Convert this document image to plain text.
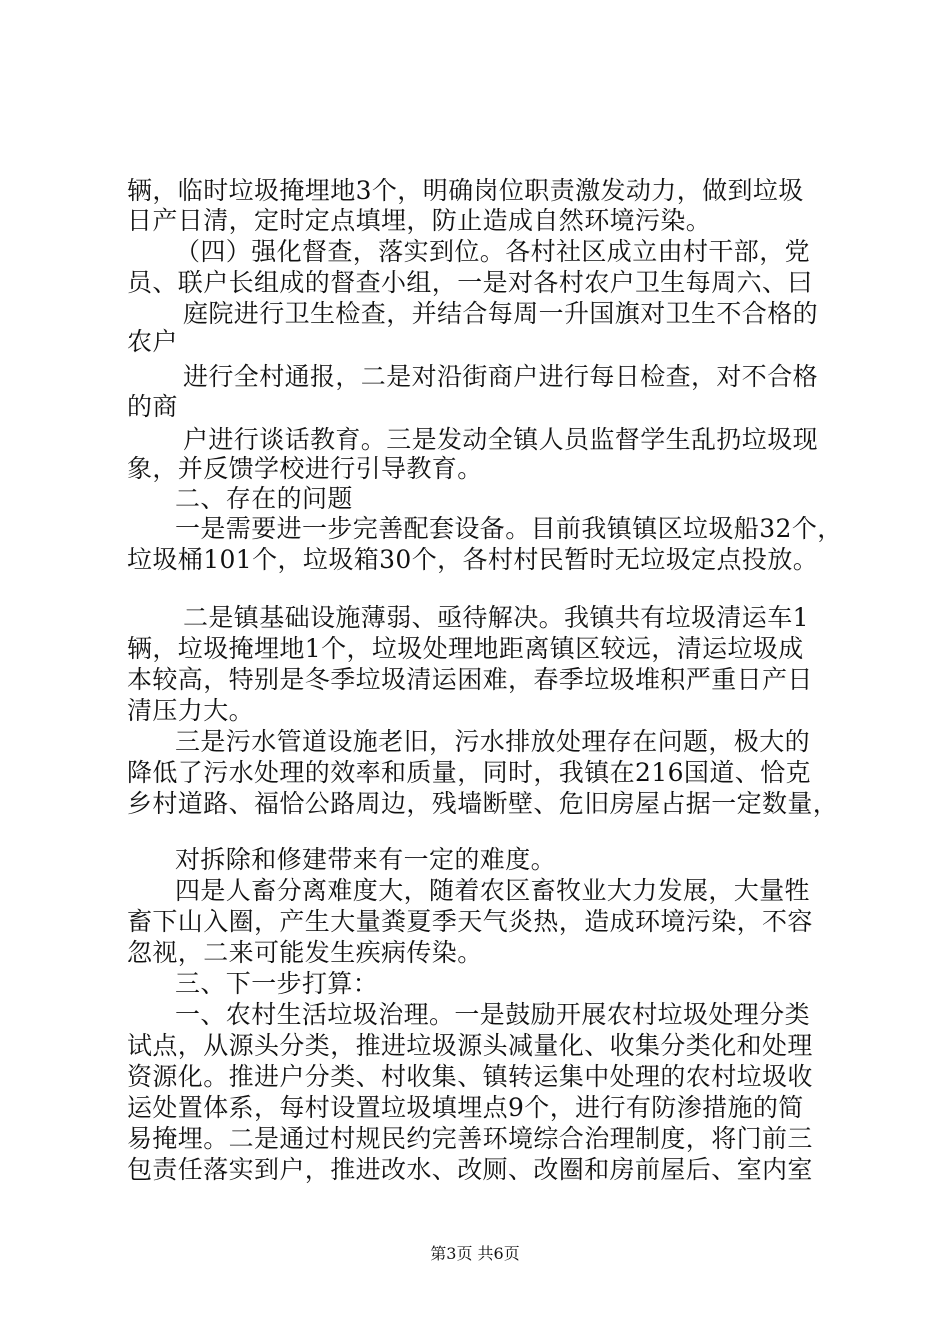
辆，临时垃圾掩埋地3个，明确岗位职责激发动力，做到垃圾
日产日清，定时定点填埋，防止造成自然环境污染。
（四）强化督查，落实到位。各村社区成立由村干部，党
员、联户长组成的督查小组，一是对各村农户卫生每周六、曰
庭院进行卫生检查，并结合每周一升国旗对卫生不合格的
农户
进行全村通报，二是对沿街商户进行每日检查，对不合格
的商
户进行谈话教育。三是发动全镇人员监督学生乱扔垃圾现
象，并反馈学校进行引导教育。
二、存在的问题
一是需要进一步完善配套设备。目前我镇镇区垃圾船32个，
垃圾桶101个，垃圾箱30个，各村村民暂时无垃圾定点投放。
二是镇基础设施薄弱、亟待解决。我镇共有垃圾清运车1
辆，垃圾掩埋地1个，垃圾处理地距离镇区较远，清运垃圾成
本较高，特别是冬季垃圾清运困难，春季垃圾堆积严重日产日
清压力大。
三是污水管道设施老旧，污水排放处理存在问题，极大的
降低了污水处理的效率和质量，同时，我镇在216国道、恰克
乡村道路、福恰公路周边，残墙断壁、危旧房屋占据一定数量，
对拆除和修建带来有一定的难度。
四是人畜分离难度大，随着农区畜牧业大力发展，大量牲
畜下山入圈，产生大量粪夏季天气炎热，造成环境污染，不容
忽视，二来可能发生疾病传染。
三、下一步打算：
一、农村生活垃圾治理。一是鼓励开展农村垃圾处理分类
试点，从源头分类，推进垃圾源头减量化、收集分类化和处理
资源化。推进户分类、村收集、镇转运集中处理的农村垃圾收
运处置体系，每村设置垃圾填埋点9个，进行有防渗措施的简
易掩埋。二是通过村规民约完善环境综合治理制度，将门前三
包责任落实到户，推进改水、改厕、改圈和房前屋后、室内室
第3页 共6页
